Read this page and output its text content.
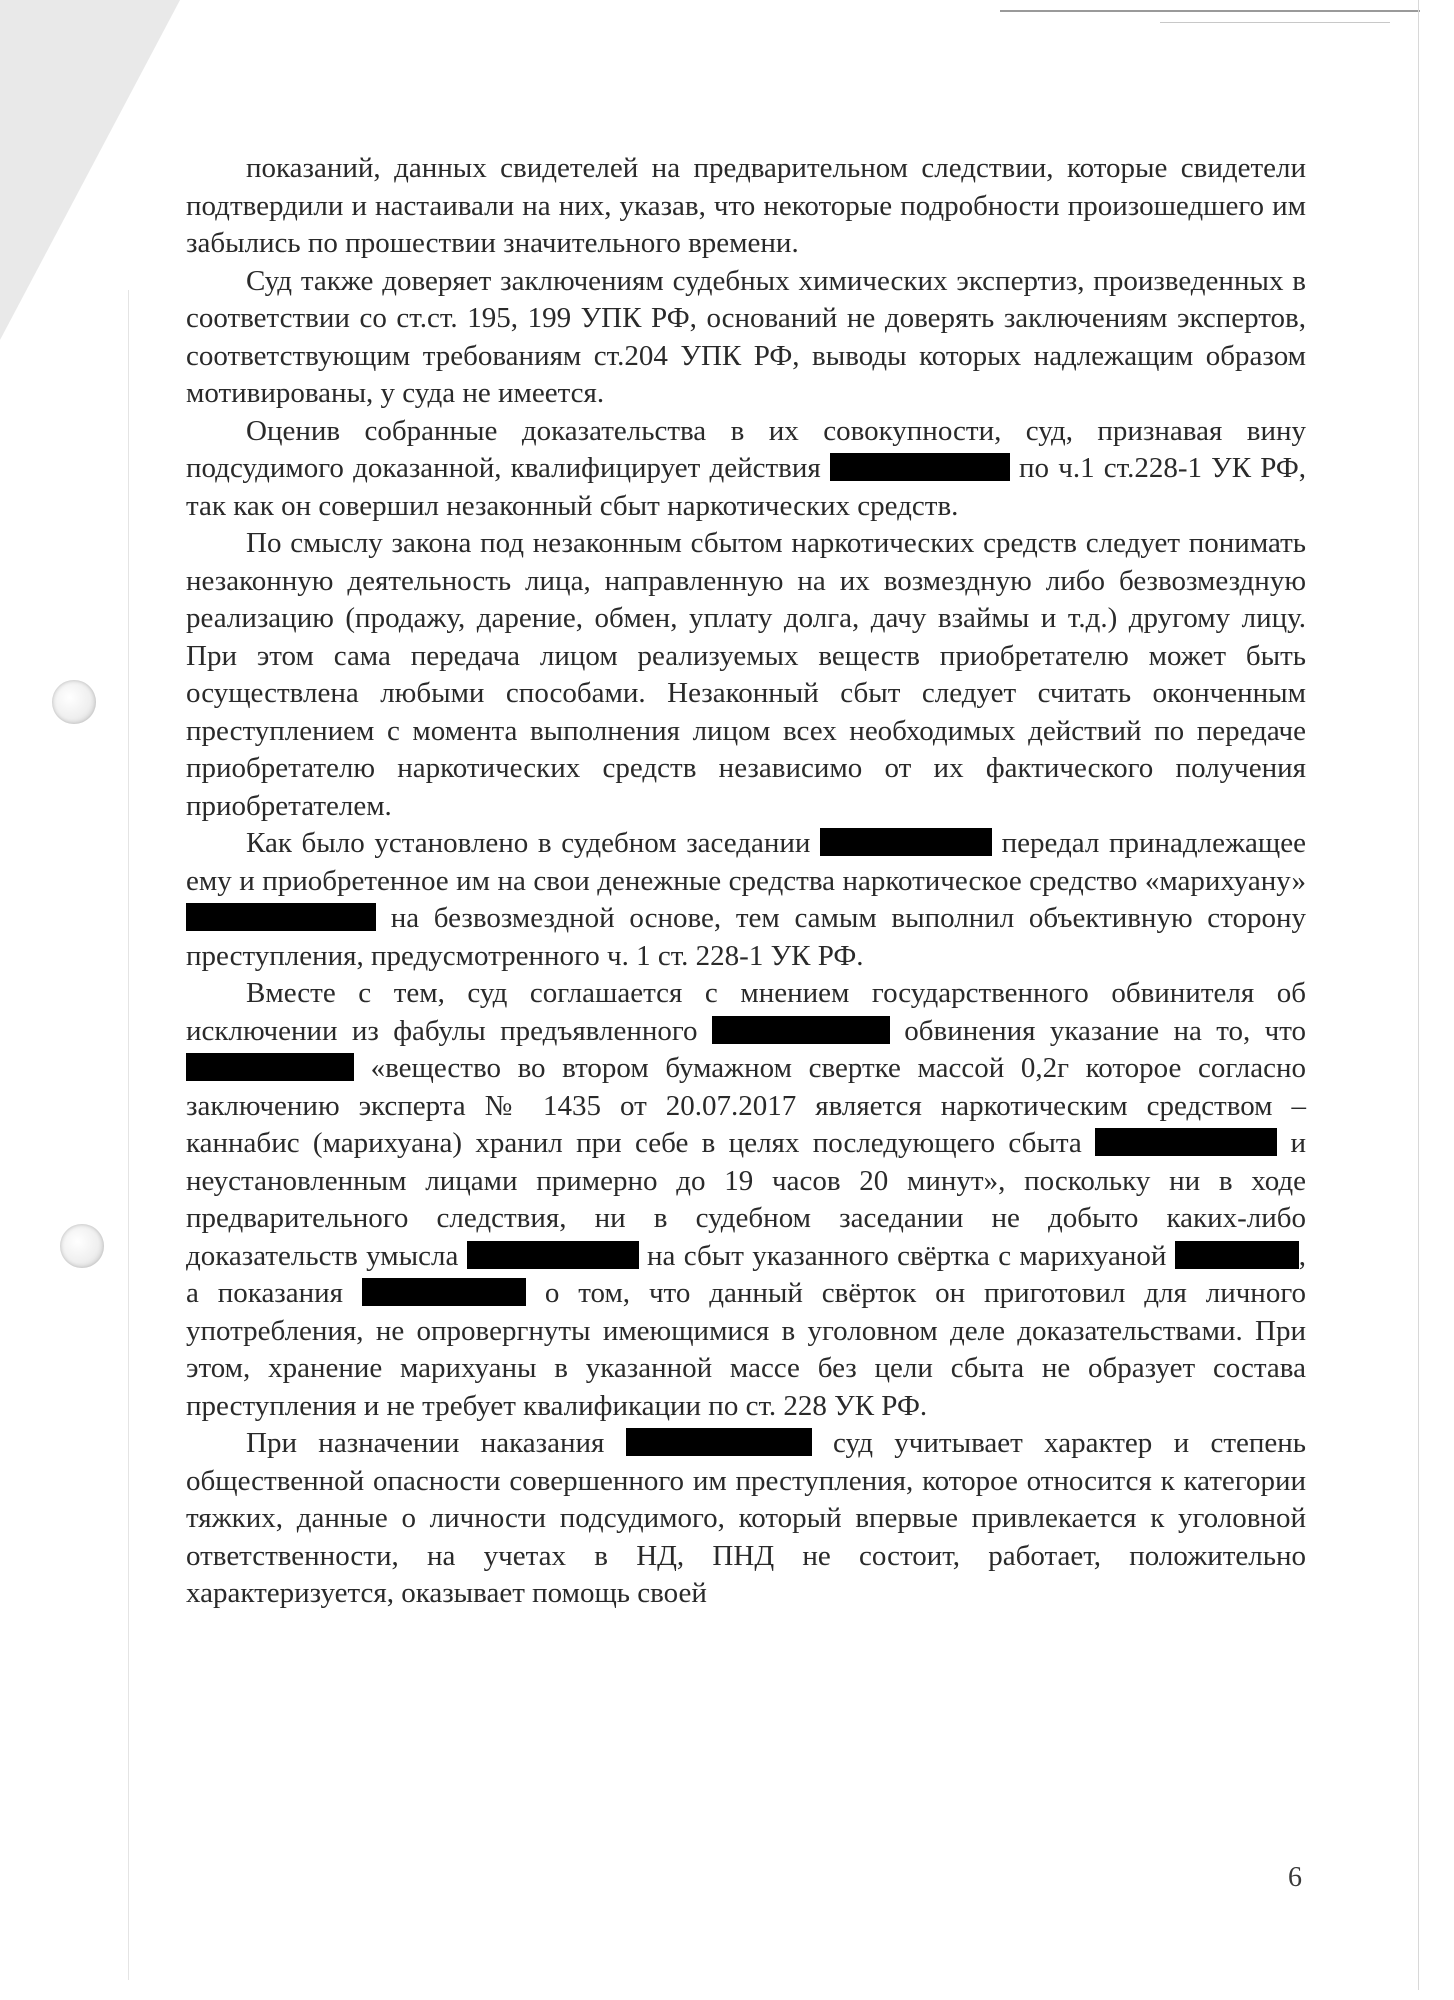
показаний, данных свидетелей на предварительном следствии, которые свидетели подтвердили и настаивали на них, указав, что некоторые подробности произошедшего им забылись по прошествии значительного времени.

Суд также доверяет заключениям судебных химических экспертиз, произведенных в соответствии со ст.ст. 195, 199 УПК РФ, оснований не доверять заключениям экспертов, соответствующим требованиям ст.204 УПК РФ, выводы которых надлежащим образом мотивированы, у суда не имеется.

Оценив собранные доказательства в их совокупности, суд, признавая вину подсудимого доказанной, квалифицирует действия	по ч.1 ст.228-1 УК РФ, так как он совершил незаконный сбыт наркотических средств.

По смыслу закона под незаконным сбытом наркотических средств следует понимать незаконную деятельность лица, направленную на их возмездную либо безвозмездную реализацию (продажу, дарение, обмен, уплату долга, дачу взаймы и т.д.) другому лицу. При этом сама передача лицом реализуемых веществ приобретателю может быть осуществлена любыми способами. Незаконный сбыт следует считать оконченным преступлением с момента выполнения лицом всех необходимых действий по передаче приобретателю наркотических средств независимо от их фактического получения приобретателем.

Как было установлено в судебном заседании	передал принадлежащее ему и приобретенное им на свои денежные средства наркотическое средство «марихуану»  на безвозмездной основе, тем самым выполнил объективную сторону преступления, предусмотренного ч. 1 ст. 228-1 УК РФ.

Вместе с тем, суд соглашается с мнением государственного обвинителя об исключении из фабулы предъявленного	обвинения указание на то, что  «вещество во втором бумажном свертке массой 0,2г которое согласно заключению эксперта № 1435 от 20.07.2017 является наркотическим средством – каннабис (марихуана) хранил при себе в целях последующего сбыта	и неустановленным лицами примерно до 19 часов 20 минут», поскольку ни в ходе предварительного следствия, ни в судебном заседании не добыто каких-либо доказательств умысла	на сбыт указанного свёртка с марихуаной	, а показания	о том, что данный свёрток он приготовил для личного употребления, не опровергнуты имеющимися в уголовном деле доказательствами. При этом, хранение марихуаны в указанной массе без цели сбыта не образует состава преступления и не требует квалификации по ст. 228 УК РФ.

При назначении наказания	суд учитывает характер и степень общественной опасности совершенного им преступления, которое относится к категории тяжких, данные о личности подсудимого, который впервые привлекается к уголовной ответственности, на учетах в НД, ПНД не состоит, работает, положительно характеризуется, оказывает помощь своей

6
